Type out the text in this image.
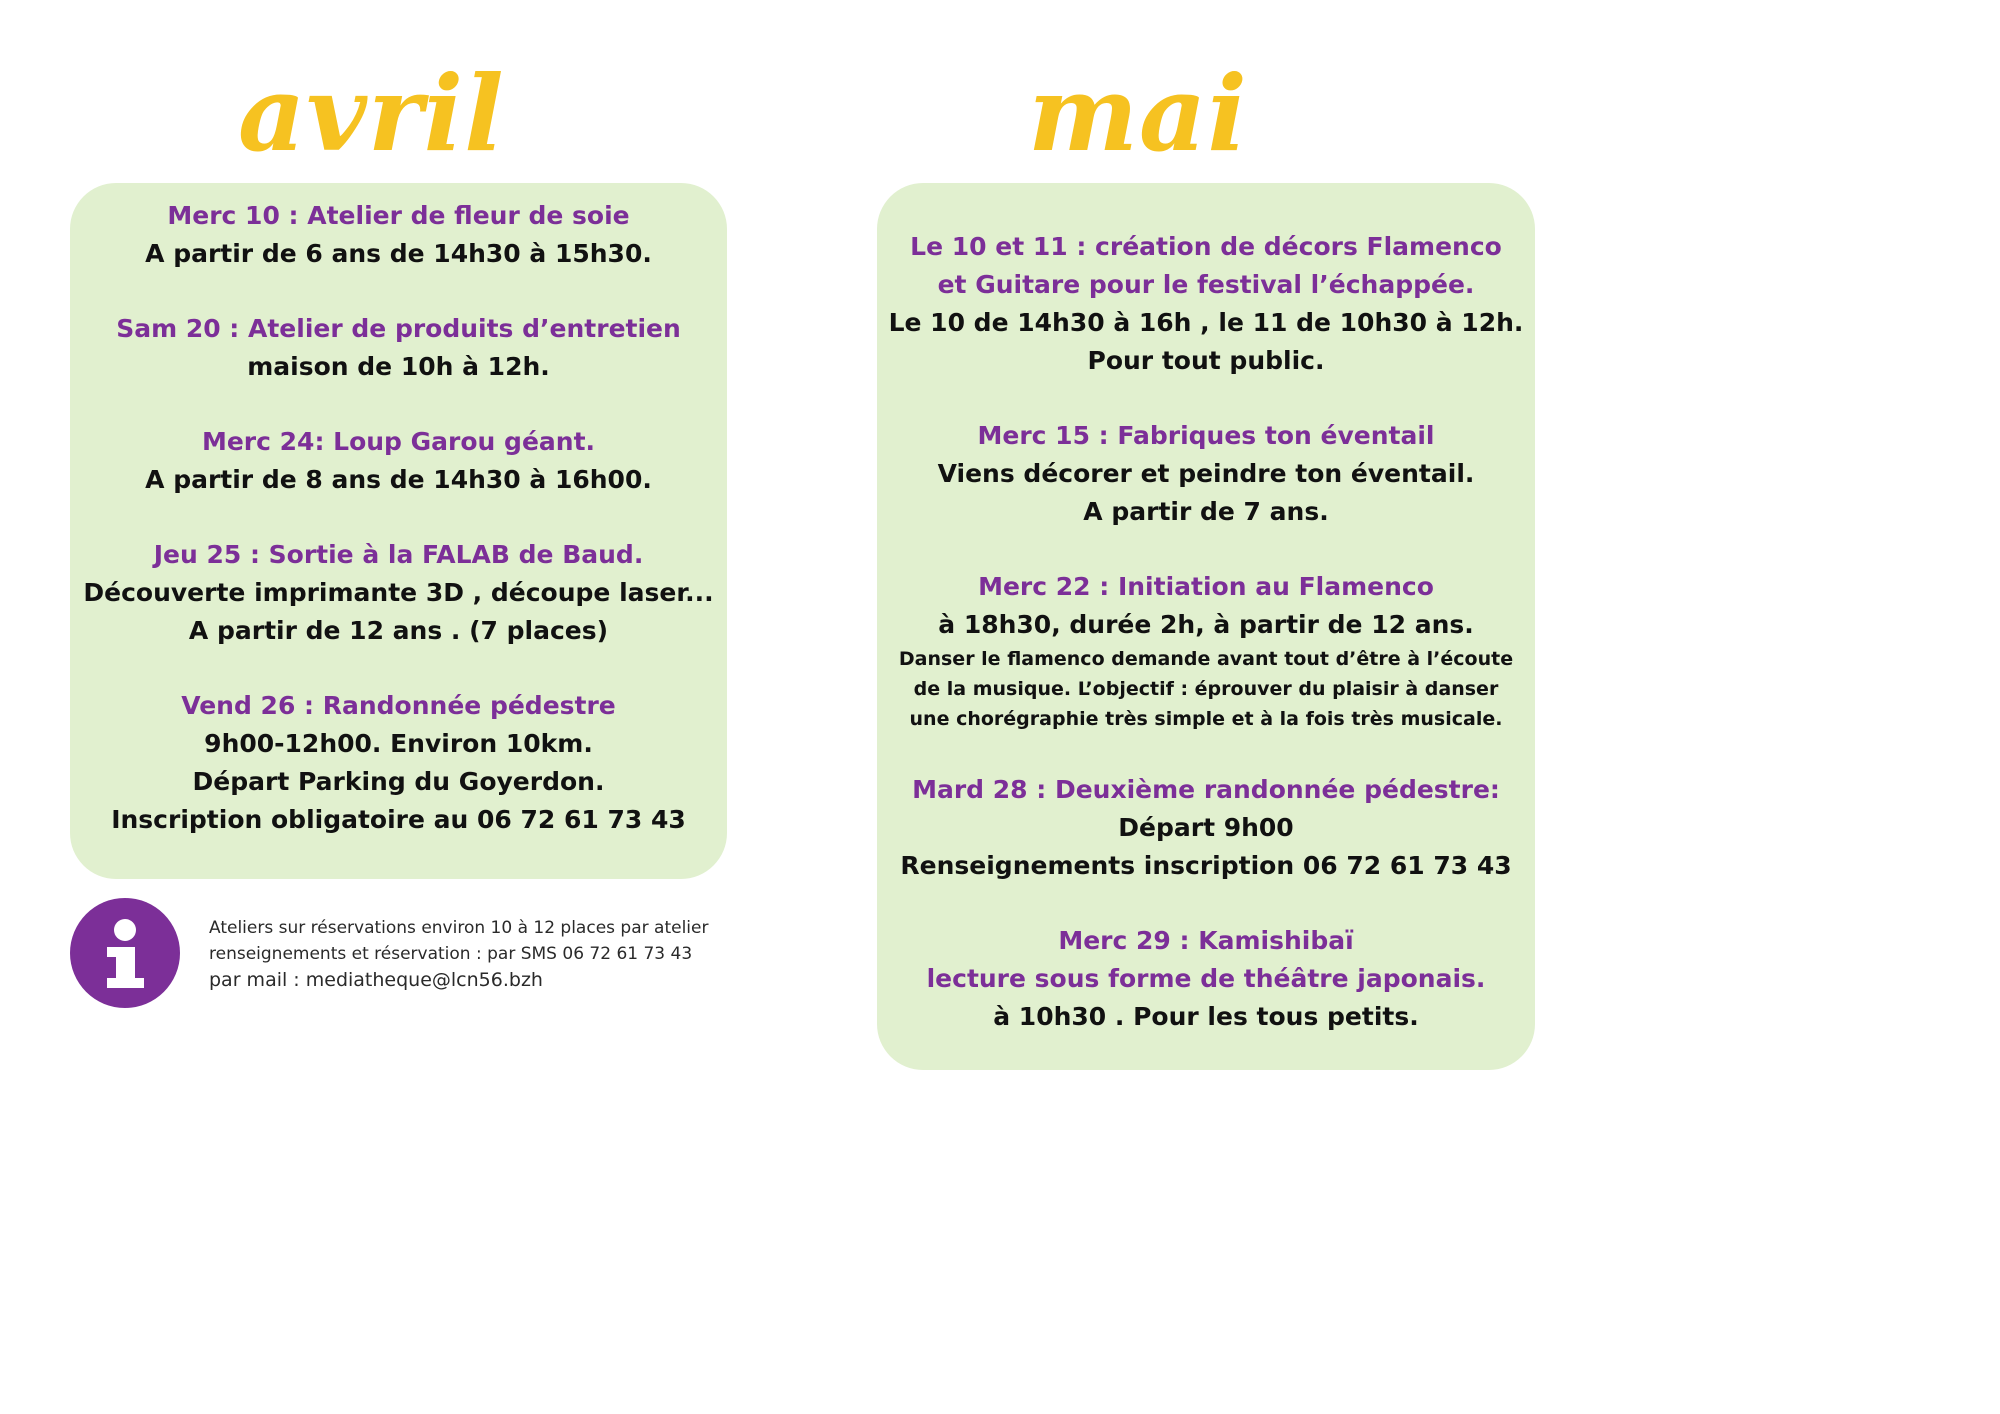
avril	mai
Merc 10 : Atelier de fleur de soie
A partir de 6 ans de 14h30 à 15h30.
Sam 20 : Atelier de produits d’entretien
maison de 10h à 12h.
Merc 24: Loup Garou géant.
A partir de 8 ans de 14h30 à 16h00.
Jeu 25 : Sortie à la FALAB de Baud.
Découverte imprimante 3D , découpe laser...
A partir de 12 ans . (7 places)
Vend 26 : Randonnée pédestre
9h00-12h00. Environ 10km.
Départ Parking du Goyerdon.
Inscription obligatoire au 06 72 61 73 43
Le 10 et 11 : création de décors Flamenco
et Guitare pour le festival l’échappée.
Le 10 de 14h30 à 16h , le 11 de 10h30 à 12h.
Pour tout public.
Merc 15 : Fabriques ton éventail
Viens décorer et peindre ton éventail.
A partir de 7 ans.
Merc 22 : Initiation au Flamenco
à 18h30, durée 2h, à partir de 12 ans.
Danser le flamenco demande avant tout d’être à l’écoute
de la musique. L’objectif : éprouver du plaisir à danser
une chorégraphie très simple et à la fois très musicale.
Mard 28 : Deuxième randonnée pédestre:
Départ 9h00
Renseignements inscription 06 72 61 73 43
Merc 29 : Kamishibaï
lecture sous forme de théâtre japonais.
à 10h30 . Pour les tous petits.
Ateliers sur réservations environ 10 à 12 places par atelier
renseignements et réservation : par SMS 06 72 61 73 43
par mail : mediatheque@lcn56.bzh
